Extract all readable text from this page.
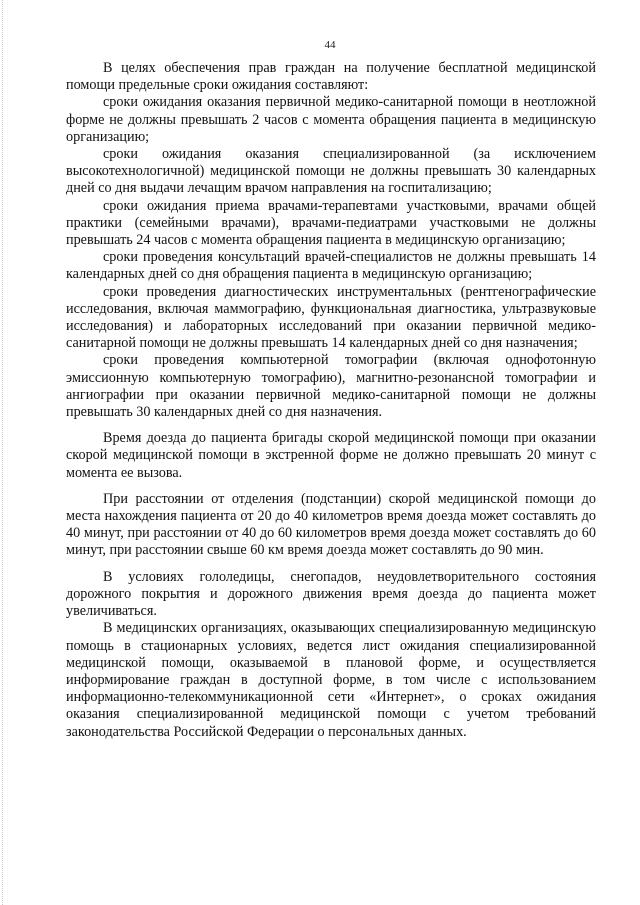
44

В целях обеспечения прав граждан на получение бесплатной медицинской помощи предельные сроки ожидания составляют:

сроки ожидания оказания первичной медико-санитарной помощи в неотложной форме не должны превышать 2 часов с момента обращения пациента в медицинскую организацию;

сроки ожидания оказания специализированной (за исключением высокотехнологичной) медицинской помощи не должны превышать 30 календарных дней со дня выдачи лечащим врачом направления на госпитализацию;

сроки ожидания приема врачами-терапевтами участковыми, врачами общей практики (семейными врачами), врачами-педиатрами участковыми не должны превышать 24 часов с момента обращения пациента в медицинскую организацию;

сроки проведения консультаций врачей-специалистов не должны превышать 14 календарных дней со дня обращения пациента в медицинскую организацию;

сроки проведения диагностических инструментальных (рентгенографические исследования, включая маммографию, функциональная диагностика, ультразвуковые исследования) и лабораторных исследований при оказании первичной медико-санитарной помощи не должны превышать 14 календарных дней со дня назначения;

сроки проведения компьютерной томографии (включая однофотонную эмиссионную компьютерную томографию), магнитно-резонансной томографии и ангиографии при оказании первичной медико-санитарной помощи не должны превышать 30 календарных дней со дня назначения.

Время доезда до пациента бригады скорой медицинской помощи при оказании скорой медицинской помощи в экстренной форме не должно превышать 20 минут с момента ее вызова.

При расстоянии от отделения (подстанции) скорой медицинской помощи до места нахождения пациента от 20 до 40 километров время доезда может составлять до 40 минут, при расстоянии от 40 до 60 километров время доезда может составлять до 60 минут, при расстоянии свыше 60 км время доезда может составлять до 90 мин.

В условиях гололедицы, снегопадов, неудовлетворительного состояния дорожного покрытия и дорожного движения время доезда до пациента может увеличиваться.

В медицинских организациях, оказывающих специализированную медицинскую помощь в стационарных условиях, ведется лист ожидания специализированной медицинской помощи, оказываемой в плановой форме, и осуществляется информирование граждан в доступной форме, в том числе с использованием информационно-телекоммуникационной сети «Интернет», о сроках ожидания оказания специализированной медицинской помощи с учетом требований законодательства Российской Федерации о персональных данных.
